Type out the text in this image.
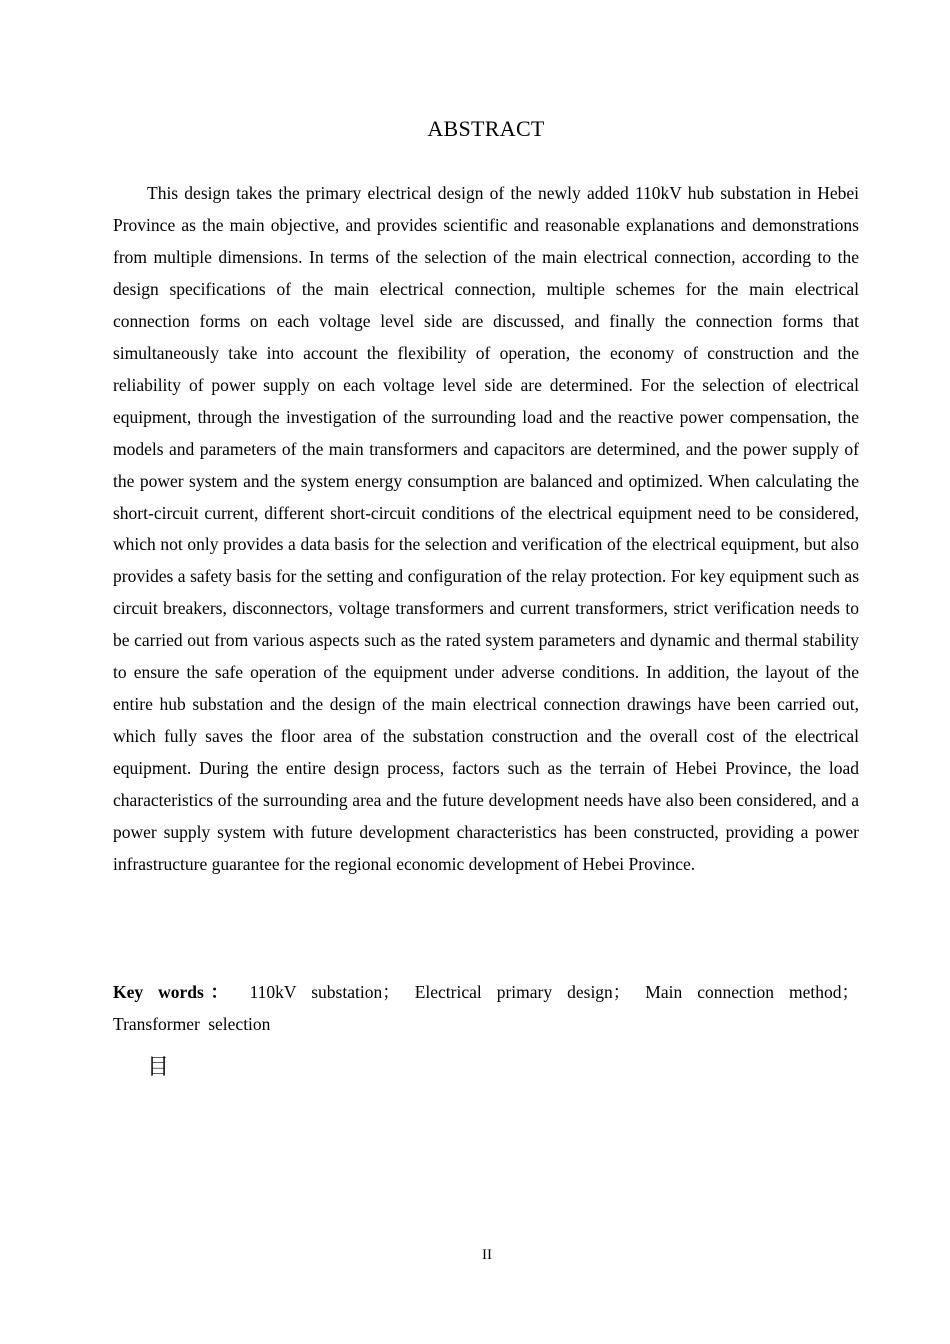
ABSTRACT

This design takes the primary electrical design of the newly added 110kV hub substation in Hebei Province as the main objective, and provides scientific and reasonable explanations and demonstrations from multiple dimensions. In terms of the selection of the main electrical connection, according to the design specifications of the main electrical connection, multiple schemes for the main electrical connection forms on each voltage level side are discussed, and finally the connection forms that simultaneously take into account the flexibility of operation, the economy of construction and the reliability of power supply on each voltage level side are determined. For the selection of electrical equipment, through the investigation of the surrounding load and the reactive power compensation, the models and parameters of the main transformers and capacitors are determined, and the power supply of the power system and the system energy consumption are balanced and optimized. When calculating the short-circuit current, different short-circuit conditions of the electrical equipment need to be considered, which not only provides a data basis for the selection and verification of the electrical equipment, but also provides a safety basis for the setting and configuration of the relay protection. For key equipment such as circuit breakers, disconnectors, voltage transformers and current transformers, strict verification needs to be carried out from various aspects such as the rated system parameters and dynamic and thermal stability to ensure the safe operation of the equipment under adverse conditions. In addition, the layout of the entire hub substation and the design of the main electrical connection drawings have been carried out, which fully saves the floor area of the substation construction and the overall cost of the electrical equipment. During the entire design process, factors such as the terrain of Hebei Province, the load characteristics of the surrounding area and the future development needs have also been considered, and a power supply system with future development characteristics has been constructed, providing a power infrastructure guarantee for the regional economic development of Hebei Province.

Key words： 110kV substation； Electrical primary design； Main connection method； Transformer selection

目
II
